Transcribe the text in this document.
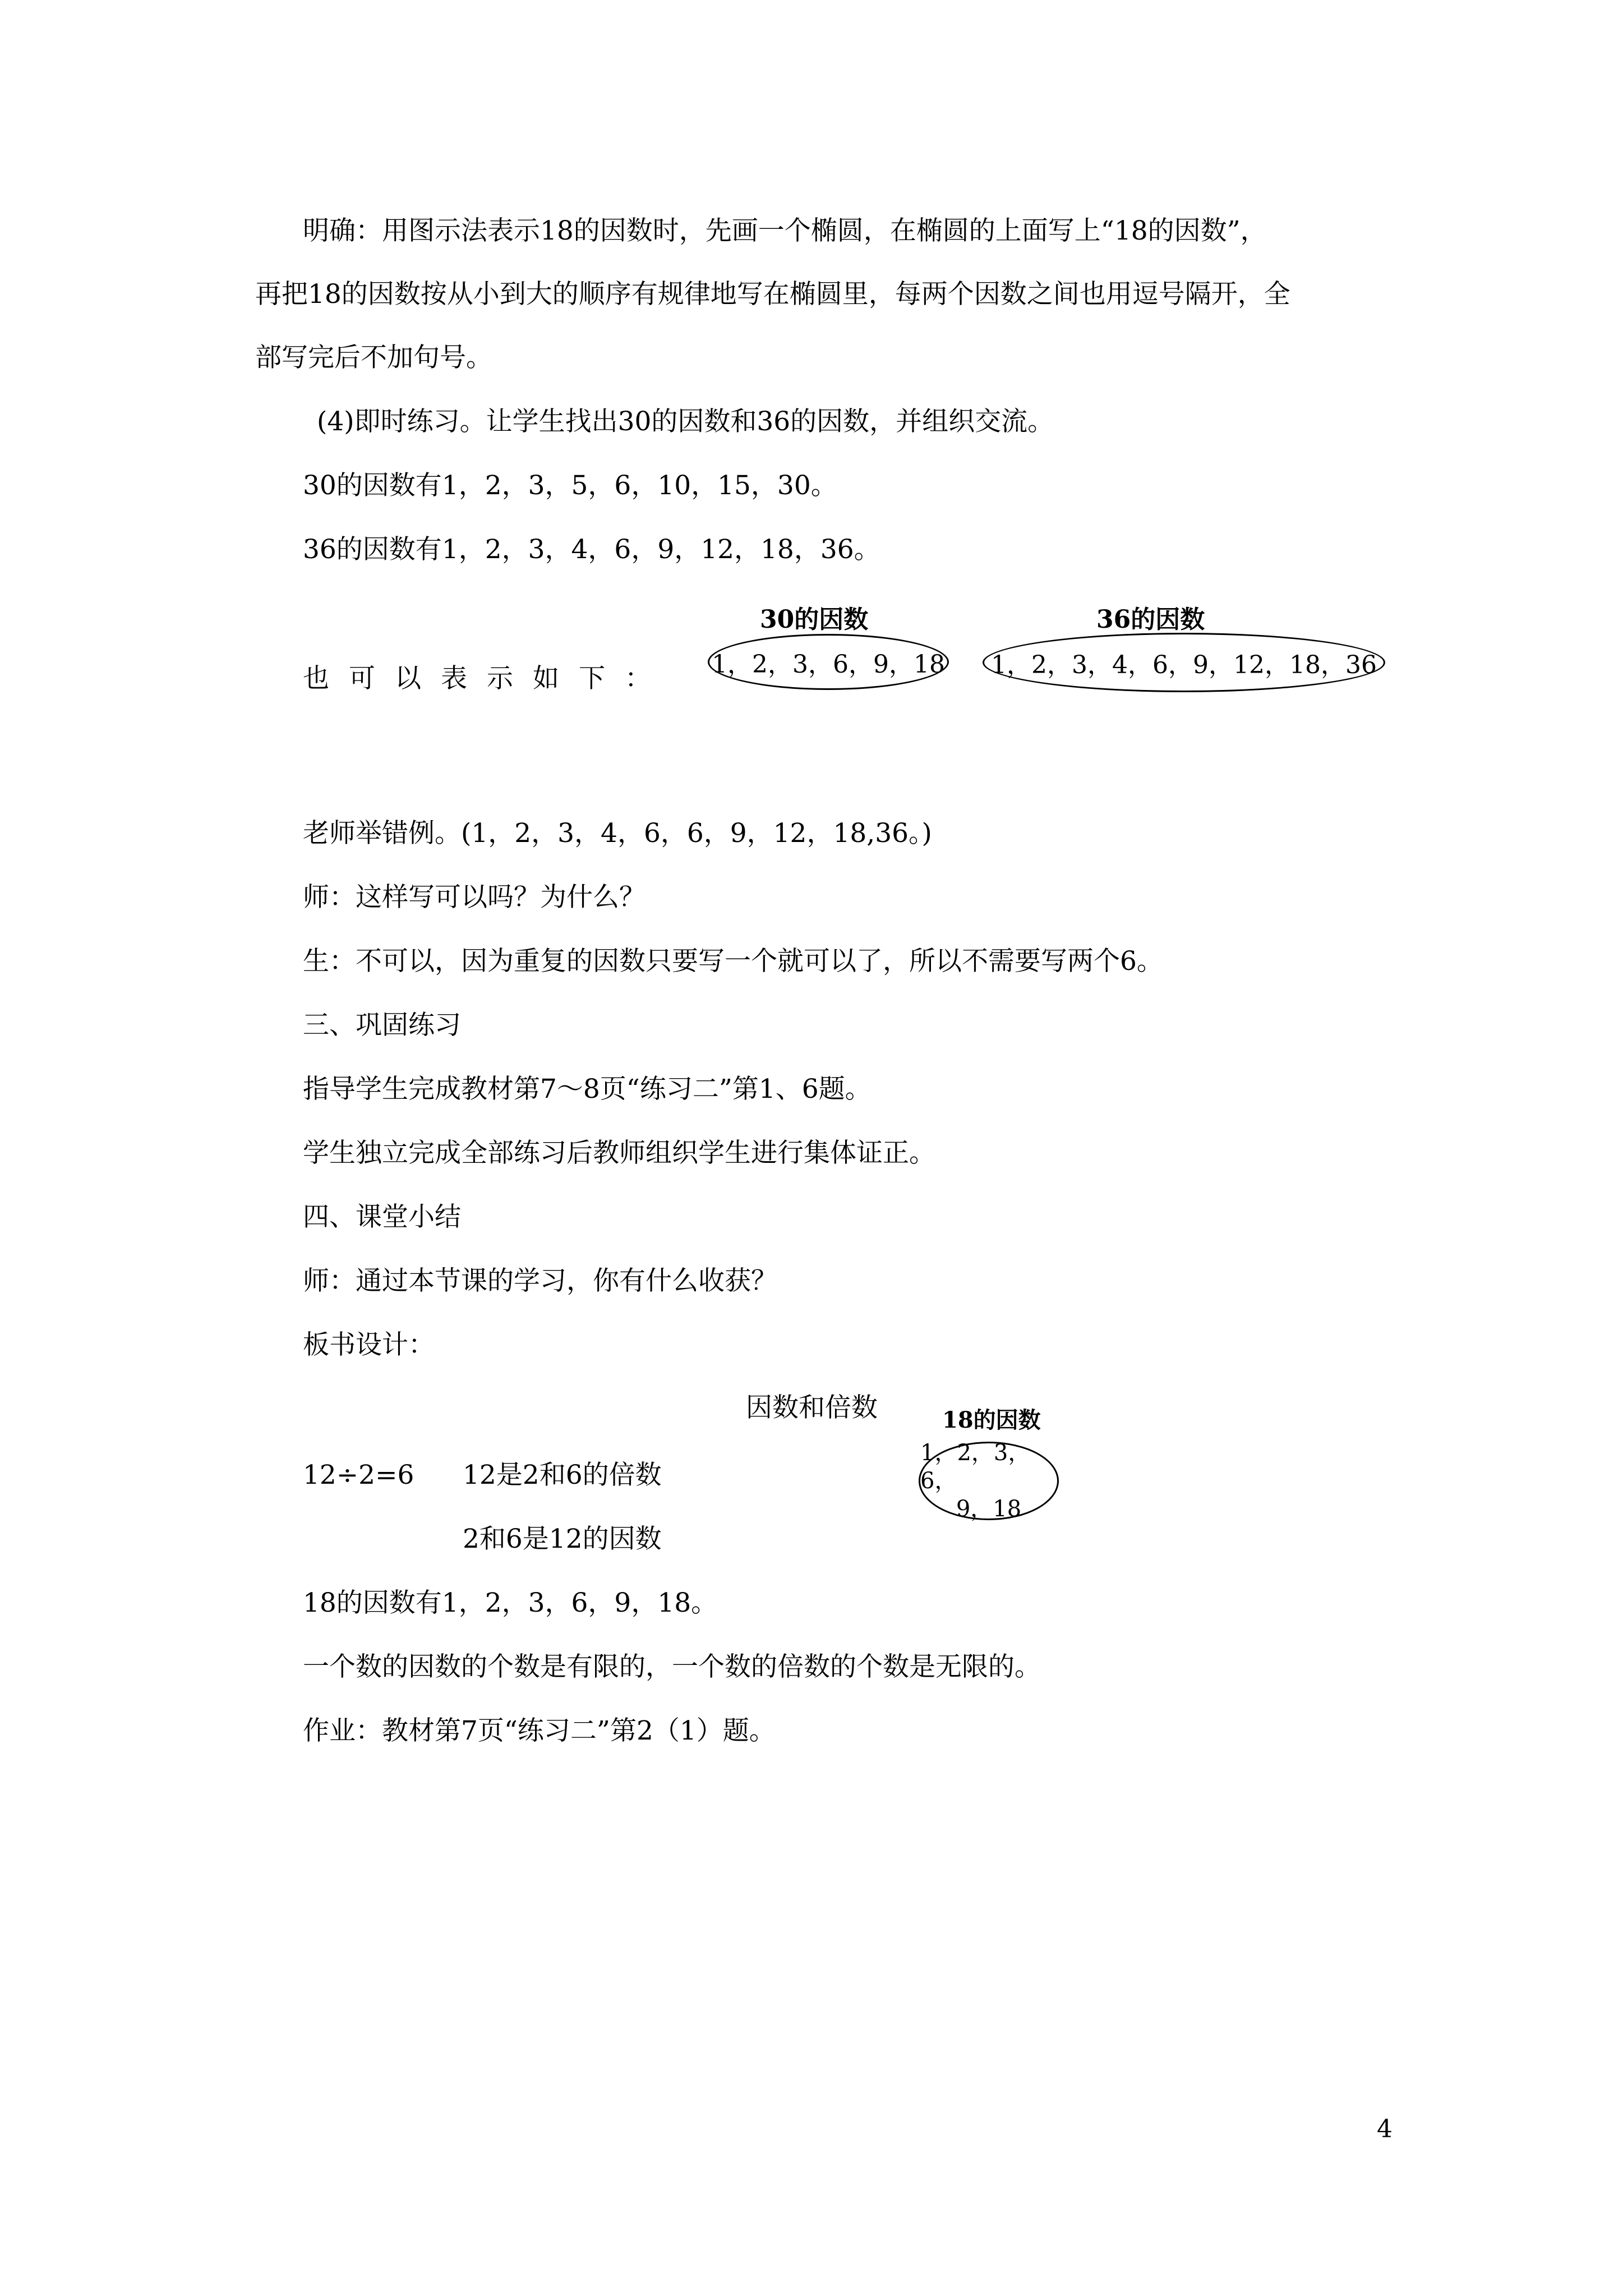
明确：用图示法表示18的因数时，先画一个椭圆，在椭圆的上面写上“18的因数”，
再把18的因数按从小到大的顺序有规律地写在椭圆里，每两个因数之间也用逗号隔开，全
部写完后不加句号。
(4)即时练习。让学生找出30的因数和36的因数，并组织交流。
30的因数有1，2，3，5，6，10，15，30。
36的因数有1，2，3，4，6，9，12，18，36。
也 可 以 表 示 如 下 ：
30的因数
1，2，3，6，9，18
36的因数
1，2，3，4，6，9，12，18，36
老师举错例。(1，2，3，4，6，6，9，12，18,36。)
师：这样写可以吗？为什么？
生：不可以，因为重复的因数只要写一个就可以了，所以不需要写两个6。
三、巩固练习
指导学生完成教材第7～8页“练习二”第1、6题。
学生独立完成全部练习后教师组织学生进行集体证正。
四、课堂小结
师：通过本节课的学习，你有什么收获？
板书设计：
因数和倍数	18的因数
12÷2=6 12是2和6的倍数
2和6是12的因数
1，2，3，6，
9，18
18的因数有1，2，3，6，9，18。
一个数的因数的个数是有限的，一个数的倍数的个数是无限的。
作业：教材第7页“练习二”第2（1）题。
4
